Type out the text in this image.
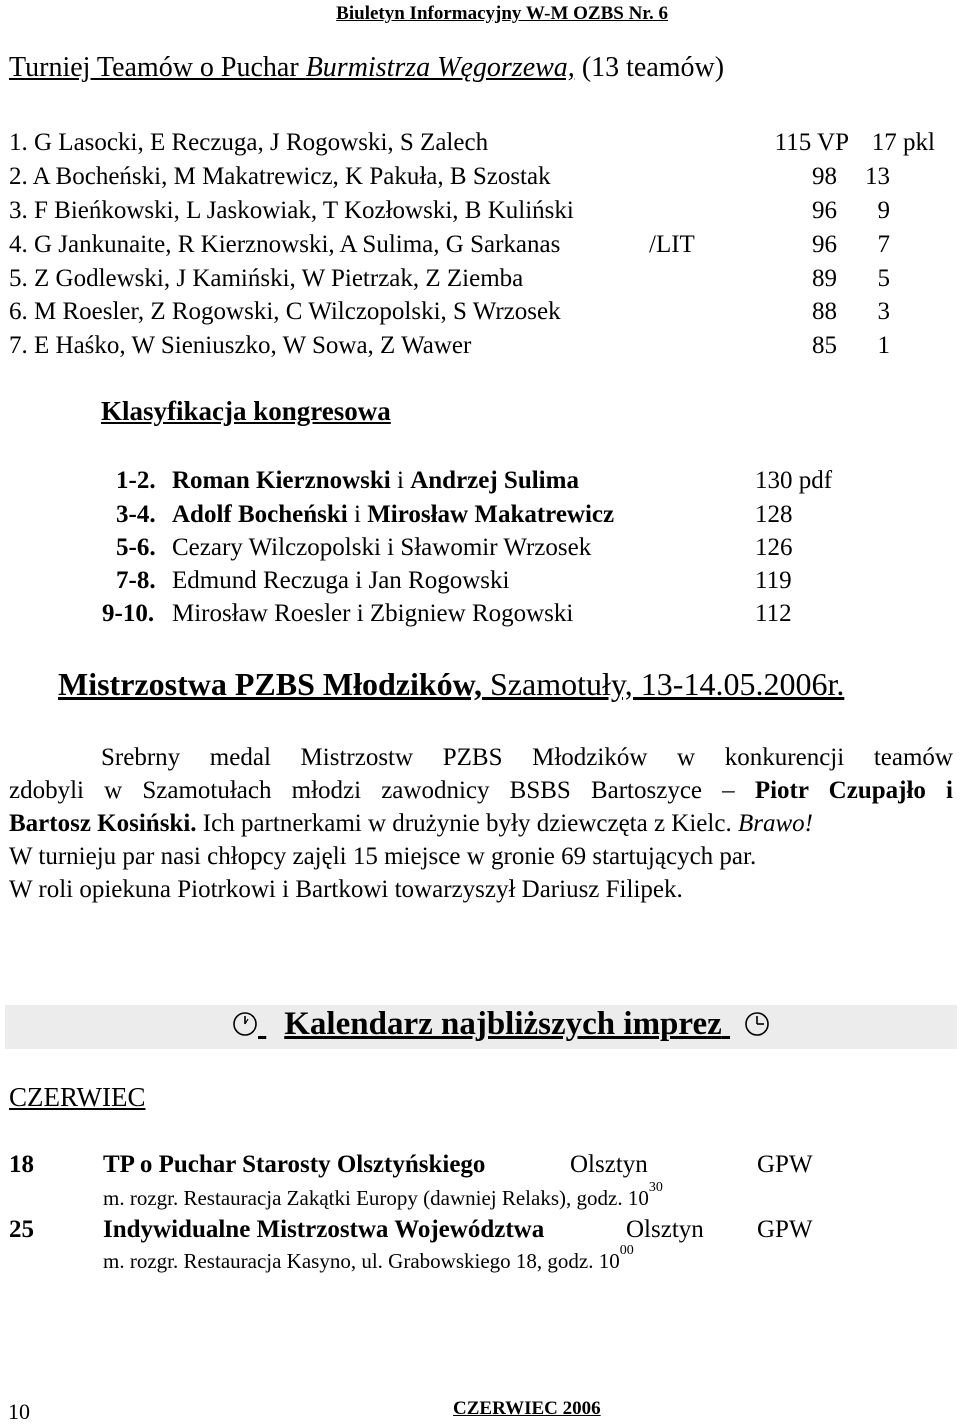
Biuletyn Informacyjny W-M OZBS Nr. 6
Turniej Teamów o Puchar Burmistrza Węgorzewa, (13 teamów)
1. G Lasocki, E Reczuga, J Rogowski, S Zalech	115 VP 17 pkl
2. A Bocheński, M Makatrewicz, K Pakuła, B Szostak	98	13
3. F Bieńkowski, L Jaskowiak, T Kozłowski, B Kuliński	96	9
4. G Jankunaite, R Kierznowski, A Sulima, G Sarkanas	/LIT	96	7
5. Z Godlewski, J Kamiński, W Pietrzak, Z Ziemba	89	5
6. M Roesler, Z Rogowski, C Wilczopolski, S Wrzosek	88	3
7. E Haśko, W Sieniuszko, W Sowa, Z Wawer	85	1
Klasyfikacja kongresowa
1-2. Roman Kierznowski i Andrzej Sulima	130 pdf
3-4. Adolf Bocheński i Mirosław Makatrewicz	128
5-6. Cezary Wilczopolski i Sławomir Wrzosek	126
7-8. Edmund Reczuga i Jan Rogowski	119
9-10. Mirosław Roesler i Zbigniew Rogowski	112
Mistrzostwa PZBS Młodzików, Szamotuły, 13-14.05.2006r.
Srebrny medal Mistrzostw PZBS Młodzików w konkurencji teamów
zdobyli w Szamotułach młodzi zawodnicy BSBS Bartoszyce – Piotr Czupajło i
Bartosz Kosiński. Ich partnerkami w drużynie były dziewczęta z Kielc. Brawo!
W turnieju par nasi chłopcy zajęli 15 miejsce w gronie 69 startujących par.
W roli opiekuna Piotrkowi i Bartkowi towarzyszył Dariusz Filipek.
Kalendarz najbliższych imprez
CZERWIEC
18	TP o Puchar Starosty Olsztyńskiego	Olsztyn	GPW
m. rozgr. Restauracja Zakątki Europy (dawniej Relaks), godz. $10^{30}$
25	Indywidualne Mistrzostwa Województwa	Olsztyn GPW
m. rozgr. Restauracja Kasyno, ul. Grabowskiego 18, godz. $10^{00}$
10	CZERWIEC 2006
